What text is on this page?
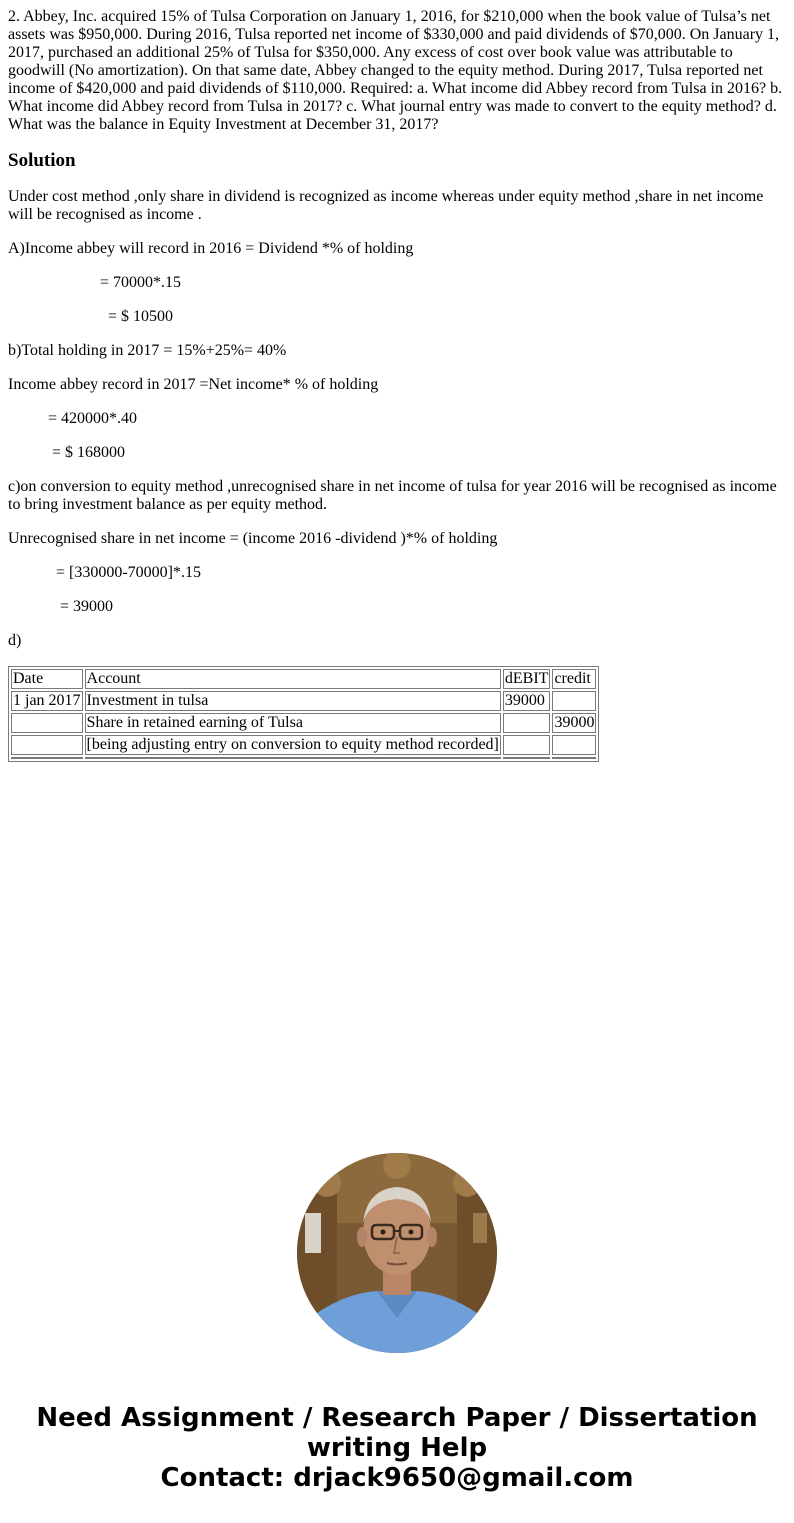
2. Abbey, Inc. acquired 15% of Tulsa Corporation on January 1, 2016, for $210,000 when the book value of Tulsa’s net assets was $950,000. During 2016, Tulsa reported net income of $330,000 and paid dividends of $70,000. On January 1, 2017, purchased an additional 25% of Tulsa for $350,000. Any excess of cost over book value was attributable to goodwill (No amortization). On that same date, Abbey changed to the equity method. During 2017, Tulsa reported net income of $420,000 and paid dividends of $110,000. Required: a. What income did Abbey record from Tulsa in 2016? b. What income did Abbey record from Tulsa in 2017? c. What journal entry was made to convert to the equity method? d. What was the balance in Equity Investment at December 31, 2017?

Solution

Under cost method ,only share in dividend is recognized as income whereas under equity method ,share in net income will be recognised as income .

A)Income abbey will record in 2016 = Dividend *% of holding

= 70000*.15

= $ 10500

b)Total holding in 2017 = 15%+25%= 40%

Income abbey record in 2017 =Net income* % of holding

= 420000*.40

= $ 168000

c)on conversion to equity method ,unrecognised share in net income of tulsa for year 2016 will be recognised as income to bring investment balance as per equity method.

Unrecognised share in net income = (income 2016 -dividend )*% of holding

= [330000-70000]*.15

= 39000

d)

Date	Account	dEBIT	credit
1 jan 2017	Investment in tulsa	39000	
	Share in retained earning of Tulsa		39000
	[being adjusting entry on conversion to equity method recorded]		

Need Assignment / Research Paper / Dissertation
writing Help
Contact: drjack9650@gmail.com
